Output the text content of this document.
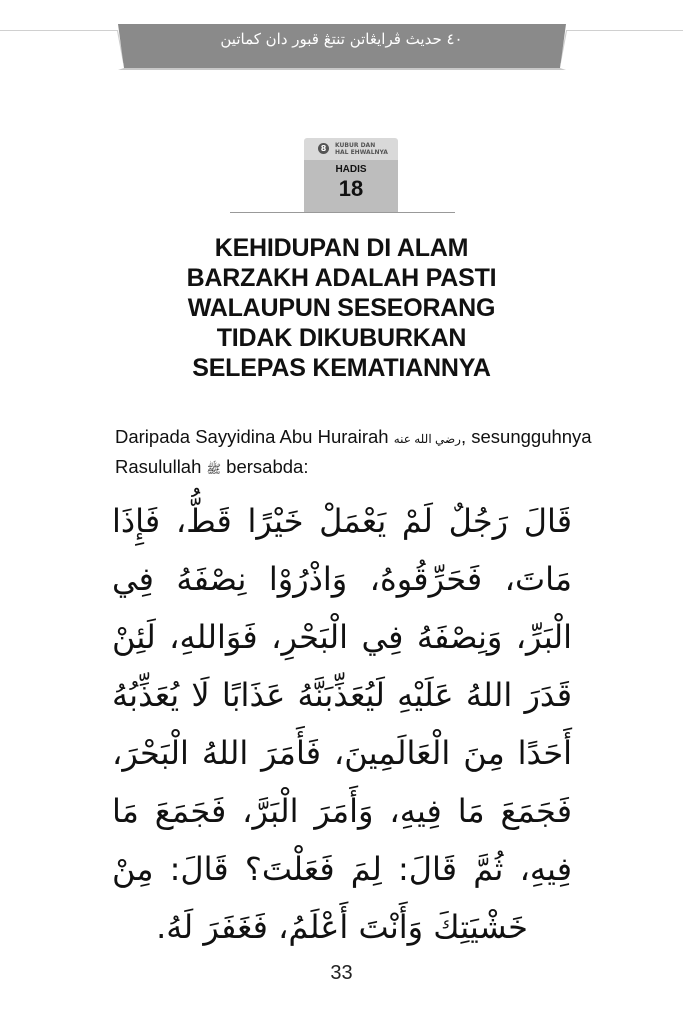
٤٠ حديث ڤرايڠاتن تنتڠ قبور دان كماتين
8	KUBUR DAN
HAL EHWALNYA
HADIS
18
KEHIDUPAN DI ALAM
BARZAKH ADALAH PASTI
WALAUPUN SESEORANG
TIDAK DIKUBURKAN
SELEPAS KEMATIANNYA
Daripada Sayyidina Abu Hurairah رضي الله عنه, sesungguhnya
Rasulullah ﷺ bersabda:
قَالَ رَجُلٌ لَمْ يَعْمَلْ خَيْرًا قَطُّ، فَإِذَا مَاتَ، فَحَرِّقُوهُ، وَاذْرُوْا نِصْفَهُ فِي الْبَرِّ، وَنِصْفَهُ فِي الْبَحْرِ، فَوَاللهِ، لَئِنْ قَدَرَ اللهُ عَلَيْهِ لَيُعَذِّبَنَّهُ عَذَابًا لَا يُعَذِّبُهُ أَحَدًا مِنَ الْعَالَمِينَ، فَأَمَرَ اللهُ الْبَحْرَ، فَجَمَعَ مَا فِيهِ، وَأَمَرَ الْبَرَّ، فَجَمَعَ مَا فِيهِ، ثُمَّ قَالَ: لِمَ فَعَلْتَ؟ قَالَ: مِنْ خَشْيَتِكَ وَأَنْتَ أَعْلَمُ، فَغَفَرَ لَهُ.
33
